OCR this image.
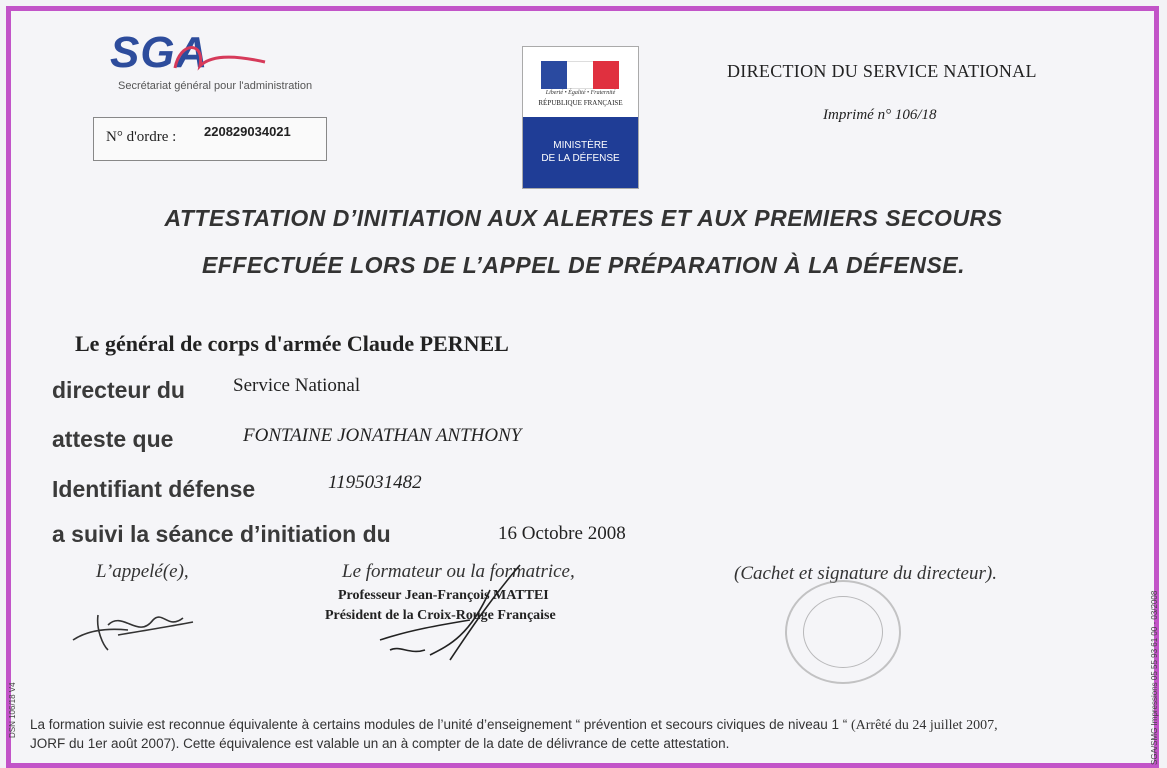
SGA
Secrétariat général pour l'administration
N° d'ordre : 220829034021
Liberté • Égalité • Fraternité
RÉPUBLIQUE FRANÇAISE
MINISTÈRE
DE LA DÉFENSE
DIRECTION DU SERVICE NATIONAL
Imprimé n° 106/18
ATTESTATION D’INITIATION AUX ALERTES ET AUX PREMIERS SECOURS
EFFECTUÉE LORS DE L’APPEL DE PRÉPARATION À LA DÉFENSE.
Le général de corps d'armée Claude PERNEL
directeur du	Service National
atteste que	FONTAINE JONATHAN ANTHONY
Identifiant défense	1195031482
a suivi la séance d’initiation du	16 Octobre 2008
L’appelé(e),	Le formateur ou la formatrice,	(Cachet et signature du directeur).
Professeur Jean-François MATTEI
Président de la Croix-Rouge Française
DSN 106/18 V4	SGA/SMG Impressions 05 55 93 61 00 - 03/2008
La formation suivie est reconnue équivalente à certains modules de l’unité d’enseignement “ prévention et secours civiques de niveau 1 “ (Arrêté du 24 juillet 2007,
JORF du 1er août 2007). Cette équivalence est valable un an à compter de la date de délivrance de cette attestation.
